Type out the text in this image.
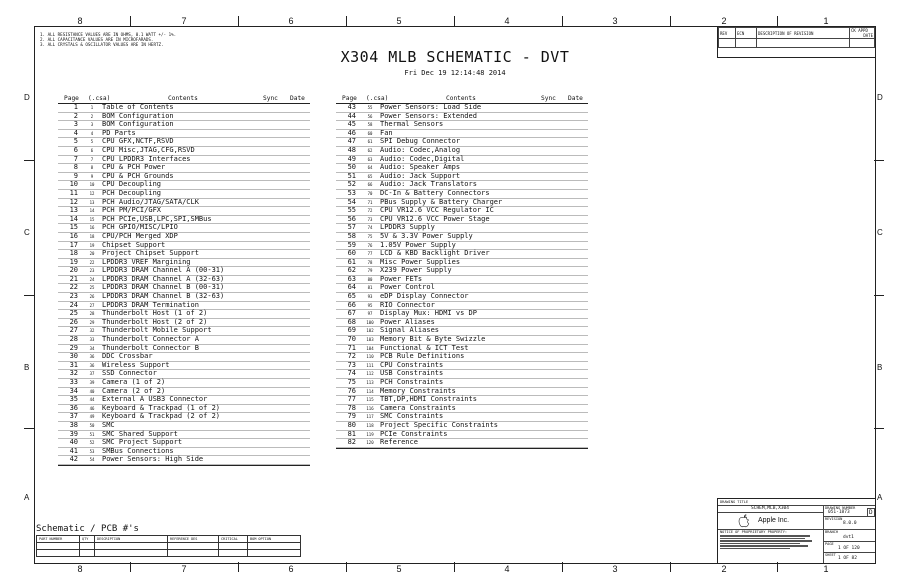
8	7	6	5	4	3	2	1
8	7	6	5	4	3	2	1
D
C
B
A
D
C
B
A
1. ALL RESISTANCE VALUES ARE IN OHMS, 0.1 WATT +/- 1%.
2. ALL CAPACITANCE VALUES ARE IN MICROFARADS.
3. ALL CRYSTALS & OSCILLATOR VALUES ARE IN HERTZ.
REV	ECN	DESCRIPTION OF REVISION	CK APPD
DATE

X304 MLB SCHEMATIC - DVT
Fri Dec 19 12:14:48 2014
Page (.csa)	Contents	Sync Date
1	1	Table of Contents
2	2	BOM Configuration
3	3	BOM Configuration
4	4	PD Parts
5	5	CPU GFX,NCTF,RSVD
6	6	CPU Misc,JTAG,CFG,RSVD
7	7	CPU LPDDR3 Interfaces
8	8	CPU & PCH Power
9	9	CPU & PCH Grounds
10	10	CPU Decoupling
11	12	PCH Decoupling
12	13	PCH Audio/JTAG/SATA/CLK
13	14	PCH PM/PCI/GFX
14	15	PCH PCIe,USB,LPC,SPI,SMBus
15	16	PCH GPIO/MISC/LPIO
16	18	CPU/PCH Merged XDP
17	19	Chipset Support
18	20	Project Chipset Support
19	22	LPDDR3 VREF Margining
20	23	LPDDR3 DRAM Channel A (00-31)
21	24	LPDDR3 DRAM Channel A (32-63)
22	25	LPDDR3 DRAM Channel B (00-31)
23	26	LPDDR3 DRAM Channel B (32-63)
24	27	LPDDR3 DRAM Termination
25	28	Thunderbolt Host (1 of 2)
26	29	Thunderbolt Host (2 of 2)
27	32	Thunderbolt Mobile Support
28	33	Thunderbolt Connector A
29	34	Thunderbolt Connector B
30	36	DDC Crossbar
31	36	Wireless Support
32	37	SSD Connector
33	39	Camera (1 of 2)
34	40	Camera (2 of 2)
35	44	External A USB3 Connector
36	46	Keyboard & Trackpad (1 of 2)
37	49	Keyboard & Trackpad (2 of 2)
38	50	SMC
39	51	SMC Shared Support
40	52	SMC Project Support
41	53	SMBus Connections
42	54	Power Sensors: High Side
Page (.csa)	Contents	Sync Date
43	55	Power Sensors: Load Side
44	56	Power Sensors: Extended
45	58	Thermal Sensors
46	60	Fan
47	61	SPI Debug Connector
48	62	Audio: Codec,Analog
49	63	Audio: Codec,Digital
50	64	Audio: Speaker Amps
51	65	Audio: Jack Support
52	66	Audio: Jack Translators
53	70	DC-In & Battery Connectors
54	71	PBus Supply & Battery Charger
55	72	CPU VR12.6 VCC Regulator IC
56	73	CPU VR12.6 VCC Power Stage
57	74	LPDDR3 Supply
58	75	5V & 3.3V Power Supply
59	76	1.05V Power Supply
60	77	LCD & KBD Backlight Driver
61	78	Misc Power Supplies
62	79	X239 Power Supply
63	80	Power FETs
64	81	Power Control
65	93	eDP Display Connector
66	95	RIO Connector
67	97	Display Mux: HDMI vs DP
68	100 Power Aliases
69	102 Signal Aliases
70	103 Memory Bit & Byte Swizzle
71	104 Functional & ICT Test
72	110 PCB Rule Definitions
73	111 CPU Constraints
74	112 USB Constraints
75	113 PCH Constraints
76	114 Memory Constraints
77	115 TBT,DP,HDMI Constraints
78	116 Camera Constraints
79	117 SMC Constraints
80	118 Project Specific Constraints
81	119 PCIe Constraints
82	120 Reference
Schematic / PCB #'s
PART NUMBER	QTY	DESCRIPTION	REFERENCE DES	CRITICAL	BOM OPTION

DRAWING TITLE
SCHEM,MLB,X304
Apple Inc.
DRAWING NUMBER
051-1873	D
REVISION
8.0.0
NOTICE OF PROPRIETARY PROPERTY:	BRANCH
dvt1
PAGE
1 OF 120
SHEET
1 OF 82
